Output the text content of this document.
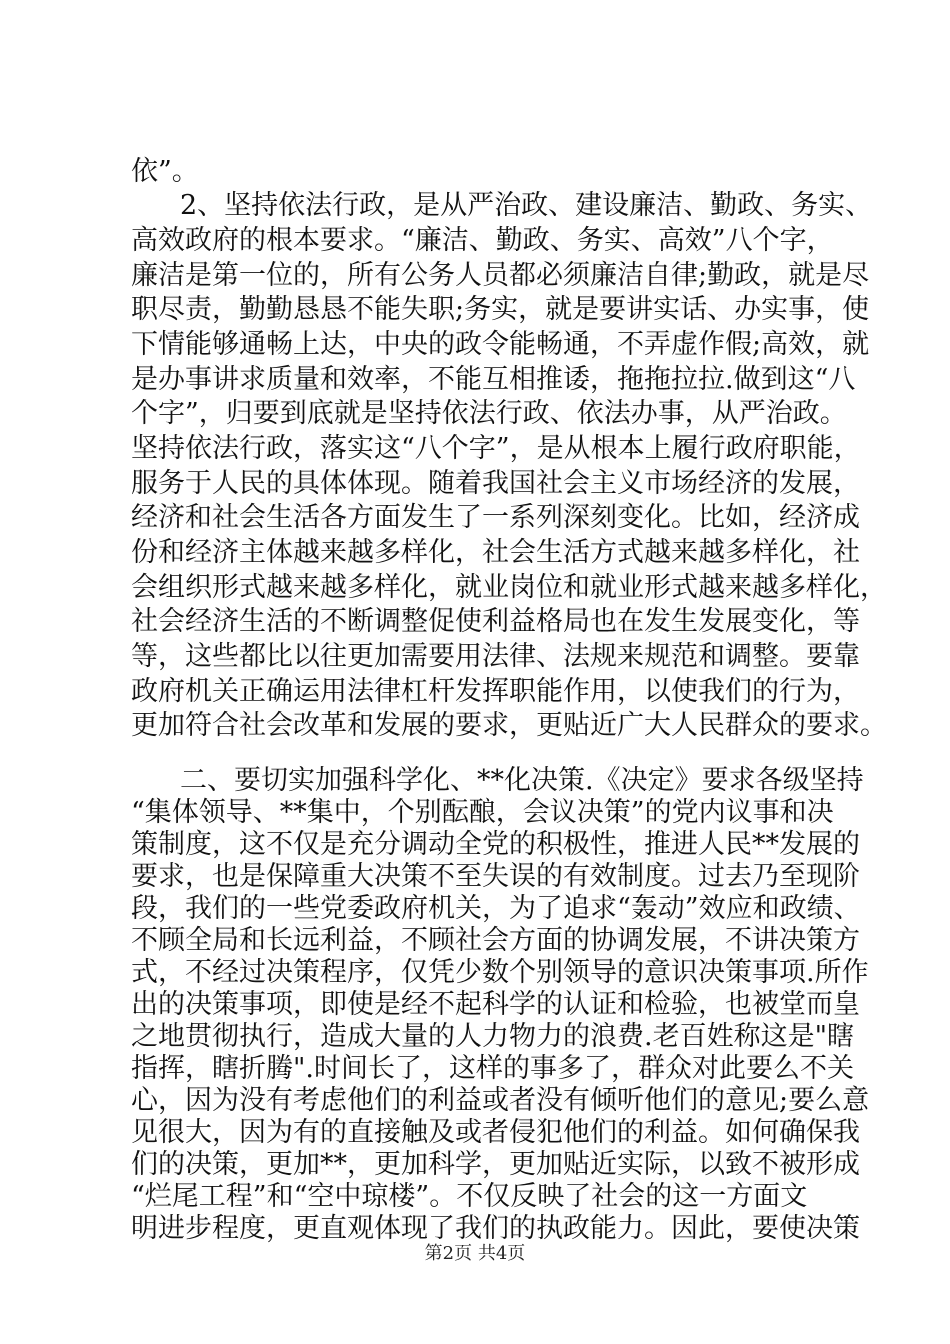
依”。
2、坚持依法行政，是从严治政、建设廉洁、勤政、务实、
高效政府的根本要求。“廉洁、勤政、务实、高效”八个字，
廉洁是第一位的，所有公务人员都必须廉洁自律;勤政，就是尽
职尽责，勤勤恳恳不能失职;务实，就是要讲实话、办实事，使
下情能够通畅上达，中央的政令能畅通，不弄虚作假;高效，就
是办事讲求质量和效率，不能互相推诿，拖拖拉拉.做到这“八
个字”，归要到底就是坚持依法行政、依法办事，从严治政。
坚持依法行政，落实这“八个字”，是从根本上履行政府职能，
服务于人民的具体体现。随着我国社会主义市场经济的发展，
经济和社会生活各方面发生了一系列深刻变化。比如，经济成
份和经济主体越来越多样化，社会生活方式越来越多样化，社
会组织形式越来越多样化，就业岗位和就业形式越来越多样化，
社会经济生活的不断调整促使利益格局也在发生发展变化，等
等，这些都比以往更加需要用法律、法规来规范和调整。要靠
政府机关正确运用法律杠杆发挥职能作用，以使我们的行为，
更加符合社会改革和发展的要求，更贴近广大人民群众的要求。
二、要切实加强科学化、**化决策.《决定》要求各级坚持
“集体领导、**集中，个别酝酿，会议决策”的党内议事和决
策制度，这不仅是充分调动全党的积极性，推进人民**发展的
要求，也是保障重大决策不至失误的有效制度。过去乃至现阶
段，我们的一些党委政府机关，为了追求“轰动”效应和政绩、
不顾全局和长远利益，不顾社会方面的协调发展，不讲决策方
式，不经过决策程序，仅凭少数个别领导的意识决策事项.所作
出的决策事项，即使是经不起科学的认证和检验，也被堂而皇
之地贯彻执行，造成大量的人力物力的浪费.老百姓称这是"瞎
指挥，瞎折腾".时间长了，这样的事多了，群众对此要么不关
心，因为没有考虑他们的利益或者没有倾听他们的意见;要么意
见很大，因为有的直接触及或者侵犯他们的利益。如何确保我
们的决策，更加**，更加科学，更加贴近实际，以致不被形成
“烂尾工程”和“空中琼楼”。不仅反映了社会的这一方面文
明进步程度，更直观体现了我们的执政能力。因此，要使决策
第2页 共4页
